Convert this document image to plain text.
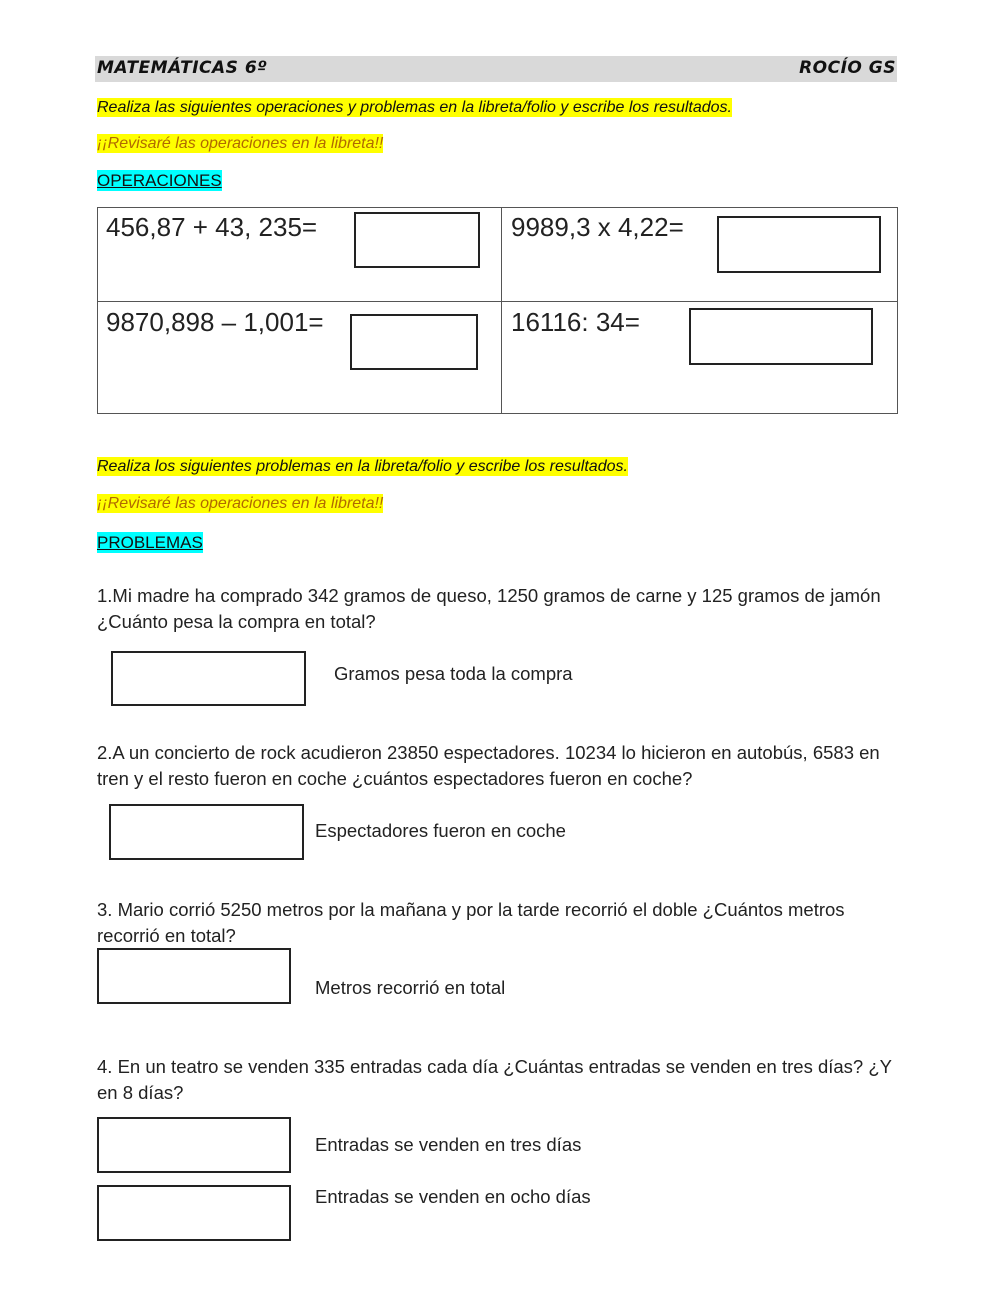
MATEMÁTICAS 6º	ROCÍO GS
Realiza las siguientes operaciones y problemas en la libreta/folio y escribe los resultados.
¡¡Revisaré las operaciones en la libreta!!
OPERACIONES
456,87 + 43, 235=	9989,3 x 4,22=
9870,898 – 1,001=	16116: 34=
Realiza los siguientes problemas en la libreta/folio y escribe los resultados.
¡¡Revisaré las operaciones en la libreta!!
PROBLEMAS
1.Mi madre ha comprado 342 gramos de queso, 1250 gramos de carne y 125 gramos de jamón ¿Cuánto pesa la compra en total?
Gramos pesa toda la compra
2.A un concierto de rock acudieron 23850 espectadores. 10234 lo hicieron en autobús, 6583 en tren y el resto fueron en coche ¿cuántos espectadores fueron en coche?
Espectadores fueron en coche
3. Mario corrió 5250 metros por la mañana y por la tarde recorrió el doble ¿Cuántos metros recorrió en total?
Metros recorrió en total
4. En un teatro se venden 335 entradas cada día ¿Cuántas entradas se venden en tres días? ¿Y en 8 días?
Entradas se venden en tres días
Entradas se venden en ocho días
